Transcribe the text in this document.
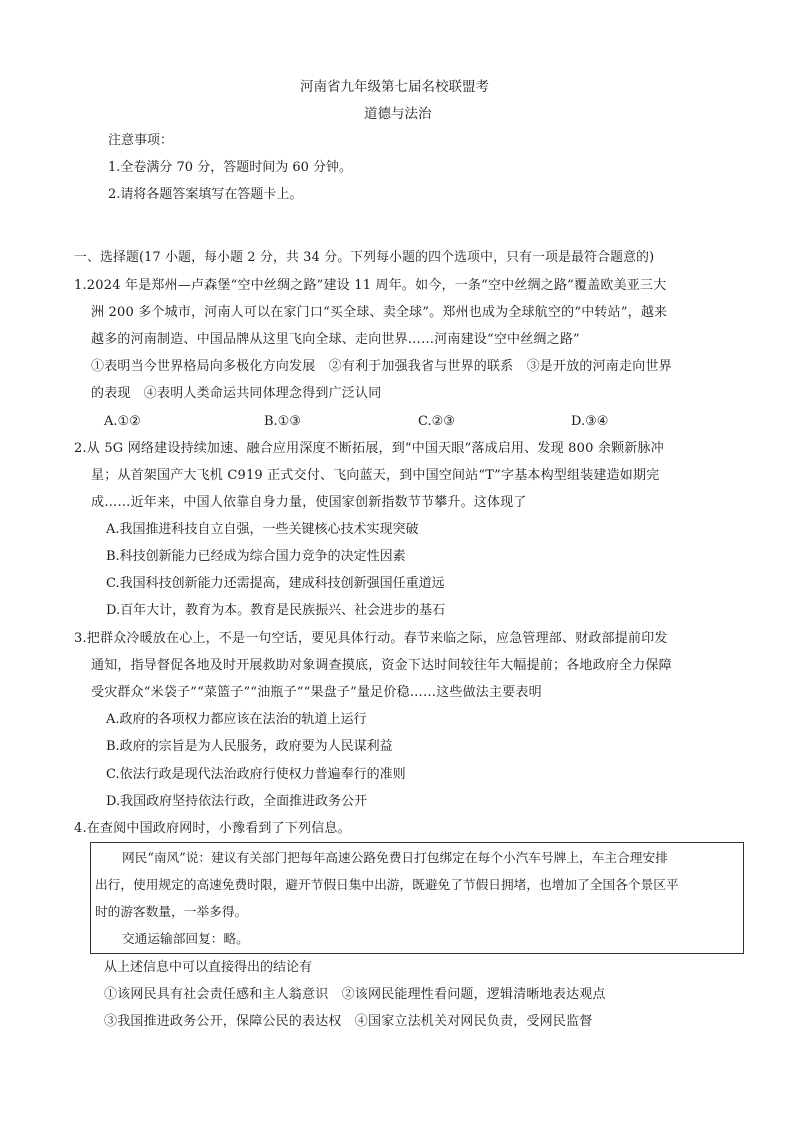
河南省九年级第七届名校联盟考
道德与法治
注意事项：
1.全卷满分 70 分，答题时间为 60 分钟。
2.请将各题答案填写在答题卡上。
一、选择题(17 小题，每小题 2 分，共 34 分。下列每小题的四个选项中，只有一项是最符合题意的)
1.2024 年是郑州—卢森堡“空中丝绸之路”建设 11 周年。如今，一条“空中丝绸之路”覆盖欧美亚三大
洲 200 多个城市，河南人可以在家门口“买全球、卖全球”。郑州也成为全球航空的“中转站”，越来
越多的河南制造、中国品牌从这里飞向全球、走向世界……河南建设“空中丝绸之路”
①表明当今世界格局向多极化方向发展　②有利于加强我省与世界的联系　③是开放的河南走向世界
的表现　④表明人类命运共同体理念得到广泛认同
A.①②	B.①③	C.②③	D.③④
2.从 5G 网络建设持续加速、融合应用深度不断拓展，到“中国天眼”落成启用、发现 800 余颗新脉冲
星；从首架国产大飞机 C919 正式交付、飞向蓝天，到中国空间站“T”字基本构型组装建造如期完
成……近年来，中国人依靠自身力量，使国家创新指数节节攀升。这体现了
A.我国推进科技自立自强，一些关键核心技术实现突破
B.科技创新能力已经成为综合国力竞争的决定性因素
C.我国科技创新能力还需提高，建成科技创新强国任重道远
D.百年大计，教育为本。教育是民族振兴、社会进步的基石
3.把群众冷暖放在心上，不是一句空话，要见具体行动。春节来临之际，应急管理部、财政部提前印发
通知，指导督促各地及时开展救助对象调查摸底，资金下达时间较往年大幅提前；各地政府全力保障
受灾群众“米袋子”“菜篮子”“油瓶子”“果盘子”量足价稳……这些做法主要表明
A.政府的各项权力都应该在法治的轨道上运行
B.政府的宗旨是为人民服务，政府要为人民谋利益
C.依法行政是现代法治政府行使权力普遍奉行的准则
D.我国政府坚持依法行政，全面推进政务公开
4.在查阅中国政府网时，小豫看到了下列信息。
网民“南风”说：建议有关部门把每年高速公路免费日打包绑定在每个小汽车号牌上，车主合理安排
出行，使用规定的高速免费时限，避开节假日集中出游，既避免了节假日拥堵，也增加了全国各个景区平
时的游客数量，一举多得。
交通运输部回复：略。
从上述信息中可以直接得出的结论有
①该网民具有社会责任感和主人翁意识　②该网民能理性看问题，逻辑清晰地表达观点
③我国推进政务公开，保障公民的表达权　④国家立法机关对网民负责，受网民监督
